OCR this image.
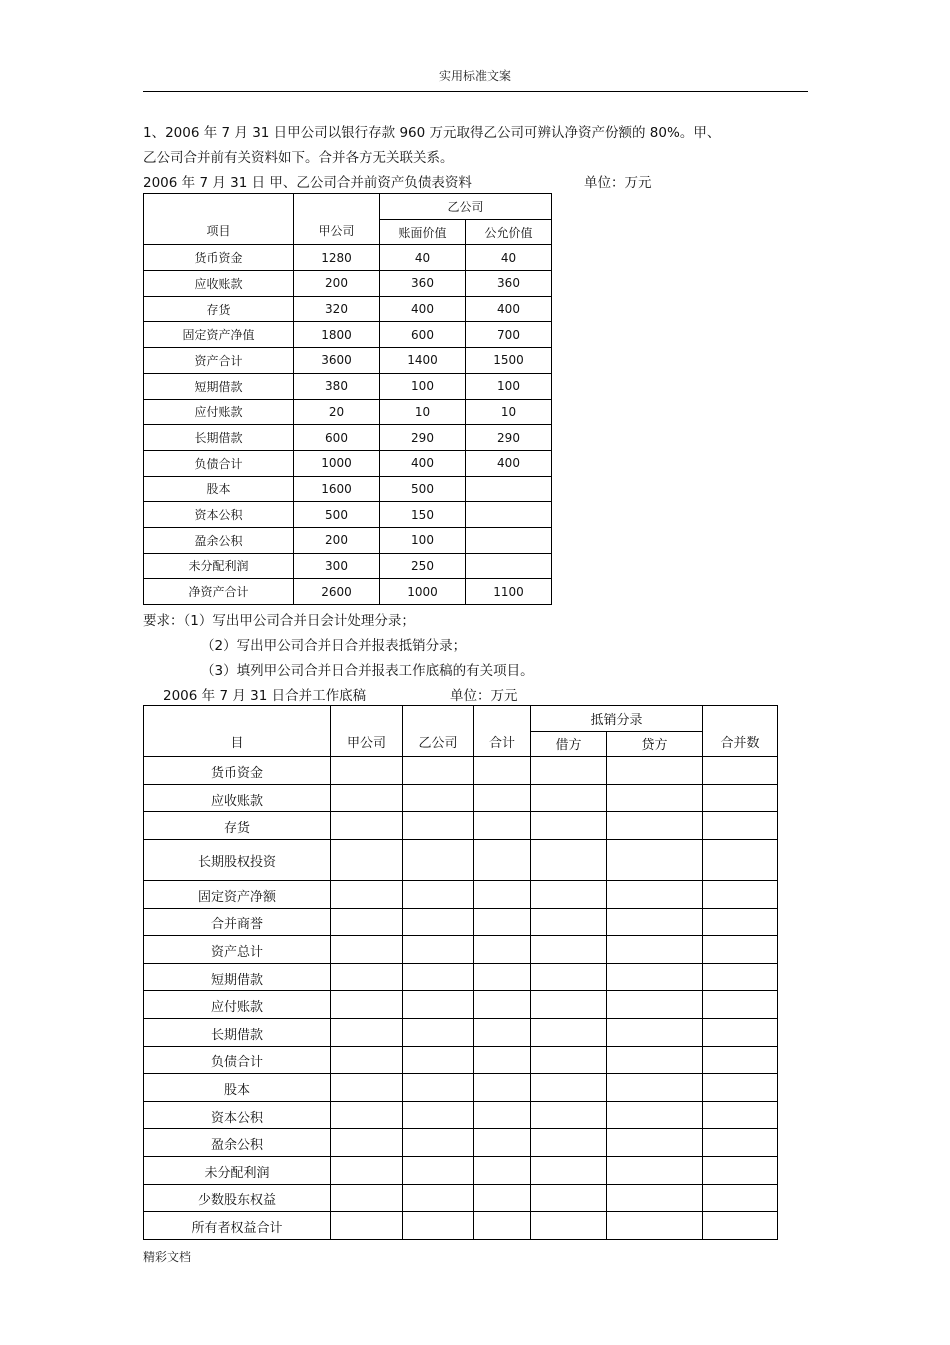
实用标准文案
1、2006 年 7 月 31 日甲公司以银行存款 960 万元取得乙公司可辨认净资产份额的 80%。甲、
乙公司合并前有关资料如下。合并各方无关联关系。
2006 年 7 月 31 日 甲、乙公司合并前资产负债表资料	单位：万元
项目	甲公司	乙公司	
		账面价值	公允价值
货币资金	1280	40	40
应收账款	200	360	360
存货	320	400	400
固定资产净值	1800	600	700
资产合计	3600	1400	1500
短期借款	380	100	100
应付账款	20	10	10
长期借款	600	290	290
负债合计	1000	400	400
股本	1600	500	
资本公积	500	150	
盈余公积	200	100	
未分配利润	300	250	
净资产合计	2600	1000	1100
要求：（1）写出甲公司合并日会计处理分录；
（2）写出甲公司合并日合并报表抵销分录；
（3）填列甲公司合并日合并报表工作底稿的有关项目。
2006 年 7 月 31 日合并工作底稿	单位：万元
目	甲公司	乙公司	合计	抵销分录		合并数
				借方	贷方	
货币资金						
应收账款						
存货						
长期股权投资						
固定资产净额						
合并商誉						
资产总计						
短期借款						
应付账款						
长期借款						
负债合计						
股本						
资本公积						
盈余公积						
未分配利润						
少数股东权益						
所有者权益合计						
精彩文档
